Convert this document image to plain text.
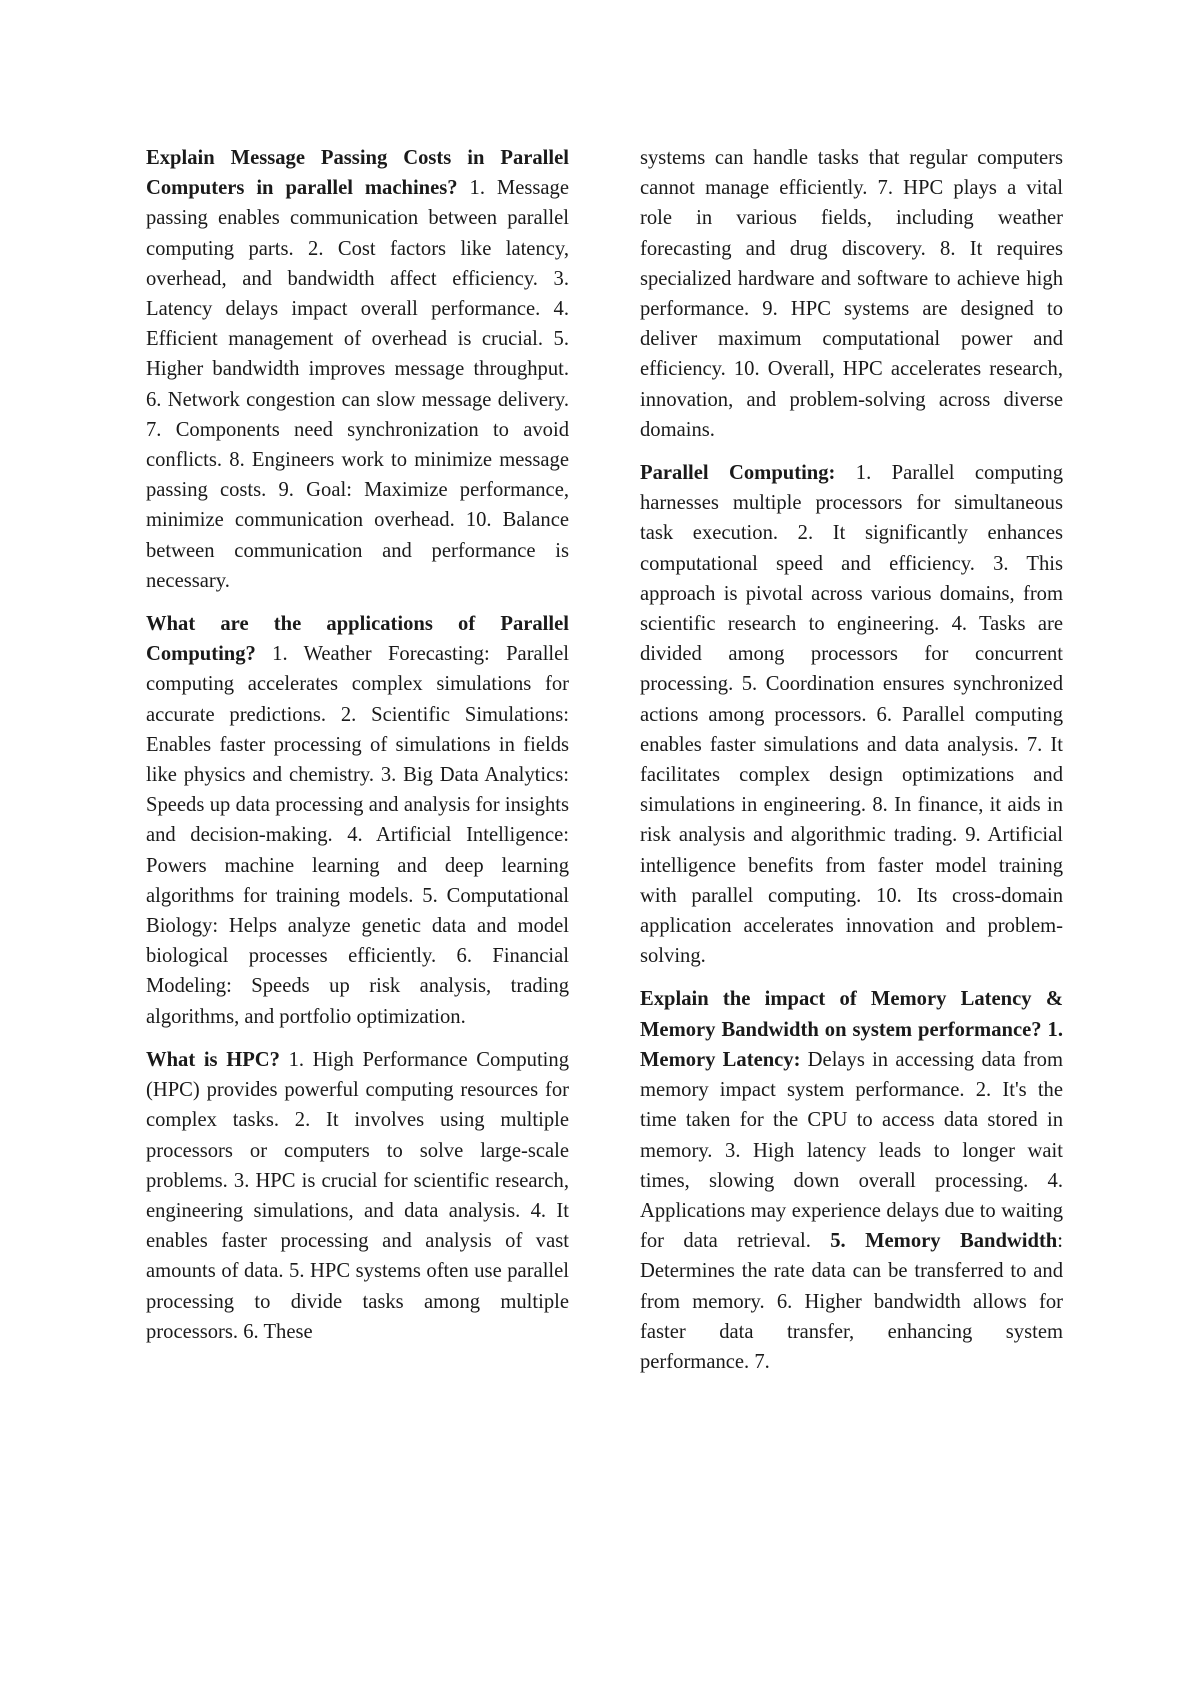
Explain Message Passing Costs in Parallel Computers in parallel machines? 1. Message passing enables communication between parallel computing parts. 2. Cost factors like latency, overhead, and bandwidth affect efficiency. 3. Latency delays impact overall performance. 4. Efficient management of overhead is crucial. 5. Higher bandwidth improves message throughput. 6. Network congestion can slow message delivery. 7. Components need synchronization to avoid conflicts. 8. Engineers work to minimize message passing costs. 9. Goal: Maximize performance, minimize communication overhead. 10. Balance between communication and performance is necessary.

What are the applications of Parallel Computing? 1. Weather Forecasting: Parallel computing accelerates complex simulations for accurate predictions. 2. Scientific Simulations: Enables faster processing of simulations in fields like physics and chemistry. 3. Big Data Analytics: Speeds up data processing and analysis for insights and decision-making. 4. Artificial Intelligence: Powers machine learning and deep learning algorithms for training models. 5. Computational Biology: Helps analyze genetic data and model biological processes efficiently. 6. Financial Modeling: Speeds up risk analysis, trading algorithms, and portfolio optimization.

What is HPC? 1. High Performance Computing (HPC) provides powerful computing resources for complex tasks. 2. It involves using multiple processors or computers to solve large-scale problems. 3. HPC is crucial for scientific research, engineering simulations, and data analysis. 4. It enables faster processing and analysis of vast amounts of data. 5. HPC systems often use parallel processing to divide tasks among multiple processors. 6. These

systems can handle tasks that regular computers cannot manage efficiently. 7. HPC plays a vital role in various fields, including weather forecasting and drug discovery. 8. It requires specialized hardware and software to achieve high performance. 9. HPC systems are designed to deliver maximum computational power and efficiency. 10. Overall, HPC accelerates research, innovation, and problem-solving across diverse domains.

Parallel Computing: 1. Parallel computing harnesses multiple processors for simultaneous task execution. 2. It significantly enhances computational speed and efficiency. 3. This approach is pivotal across various domains, from scientific research to engineering. 4. Tasks are divided among processors for concurrent processing. 5. Coordination ensures synchronized actions among processors. 6. Parallel computing enables faster simulations and data analysis. 7. It facilitates complex design optimizations and simulations in engineering. 8. In finance, it aids in risk analysis and algorithmic trading. 9. Artificial intelligence benefits from faster model training with parallel computing. 10. Its cross-domain application accelerates innovation and problem-solving.

Explain the impact of Memory Latency & Memory Bandwidth on system performance? 1. Memory Latency: Delays in accessing data from memory impact system performance. 2. It's the time taken for the CPU to access data stored in memory. 3. High latency leads to longer wait times, slowing down overall processing. 4. Applications may experience delays due to waiting for data retrieval. 5. Memory Bandwidth: Determines the rate data can be transferred to and from memory. 6. Higher bandwidth allows for faster data transfer, enhancing system performance. 7.
